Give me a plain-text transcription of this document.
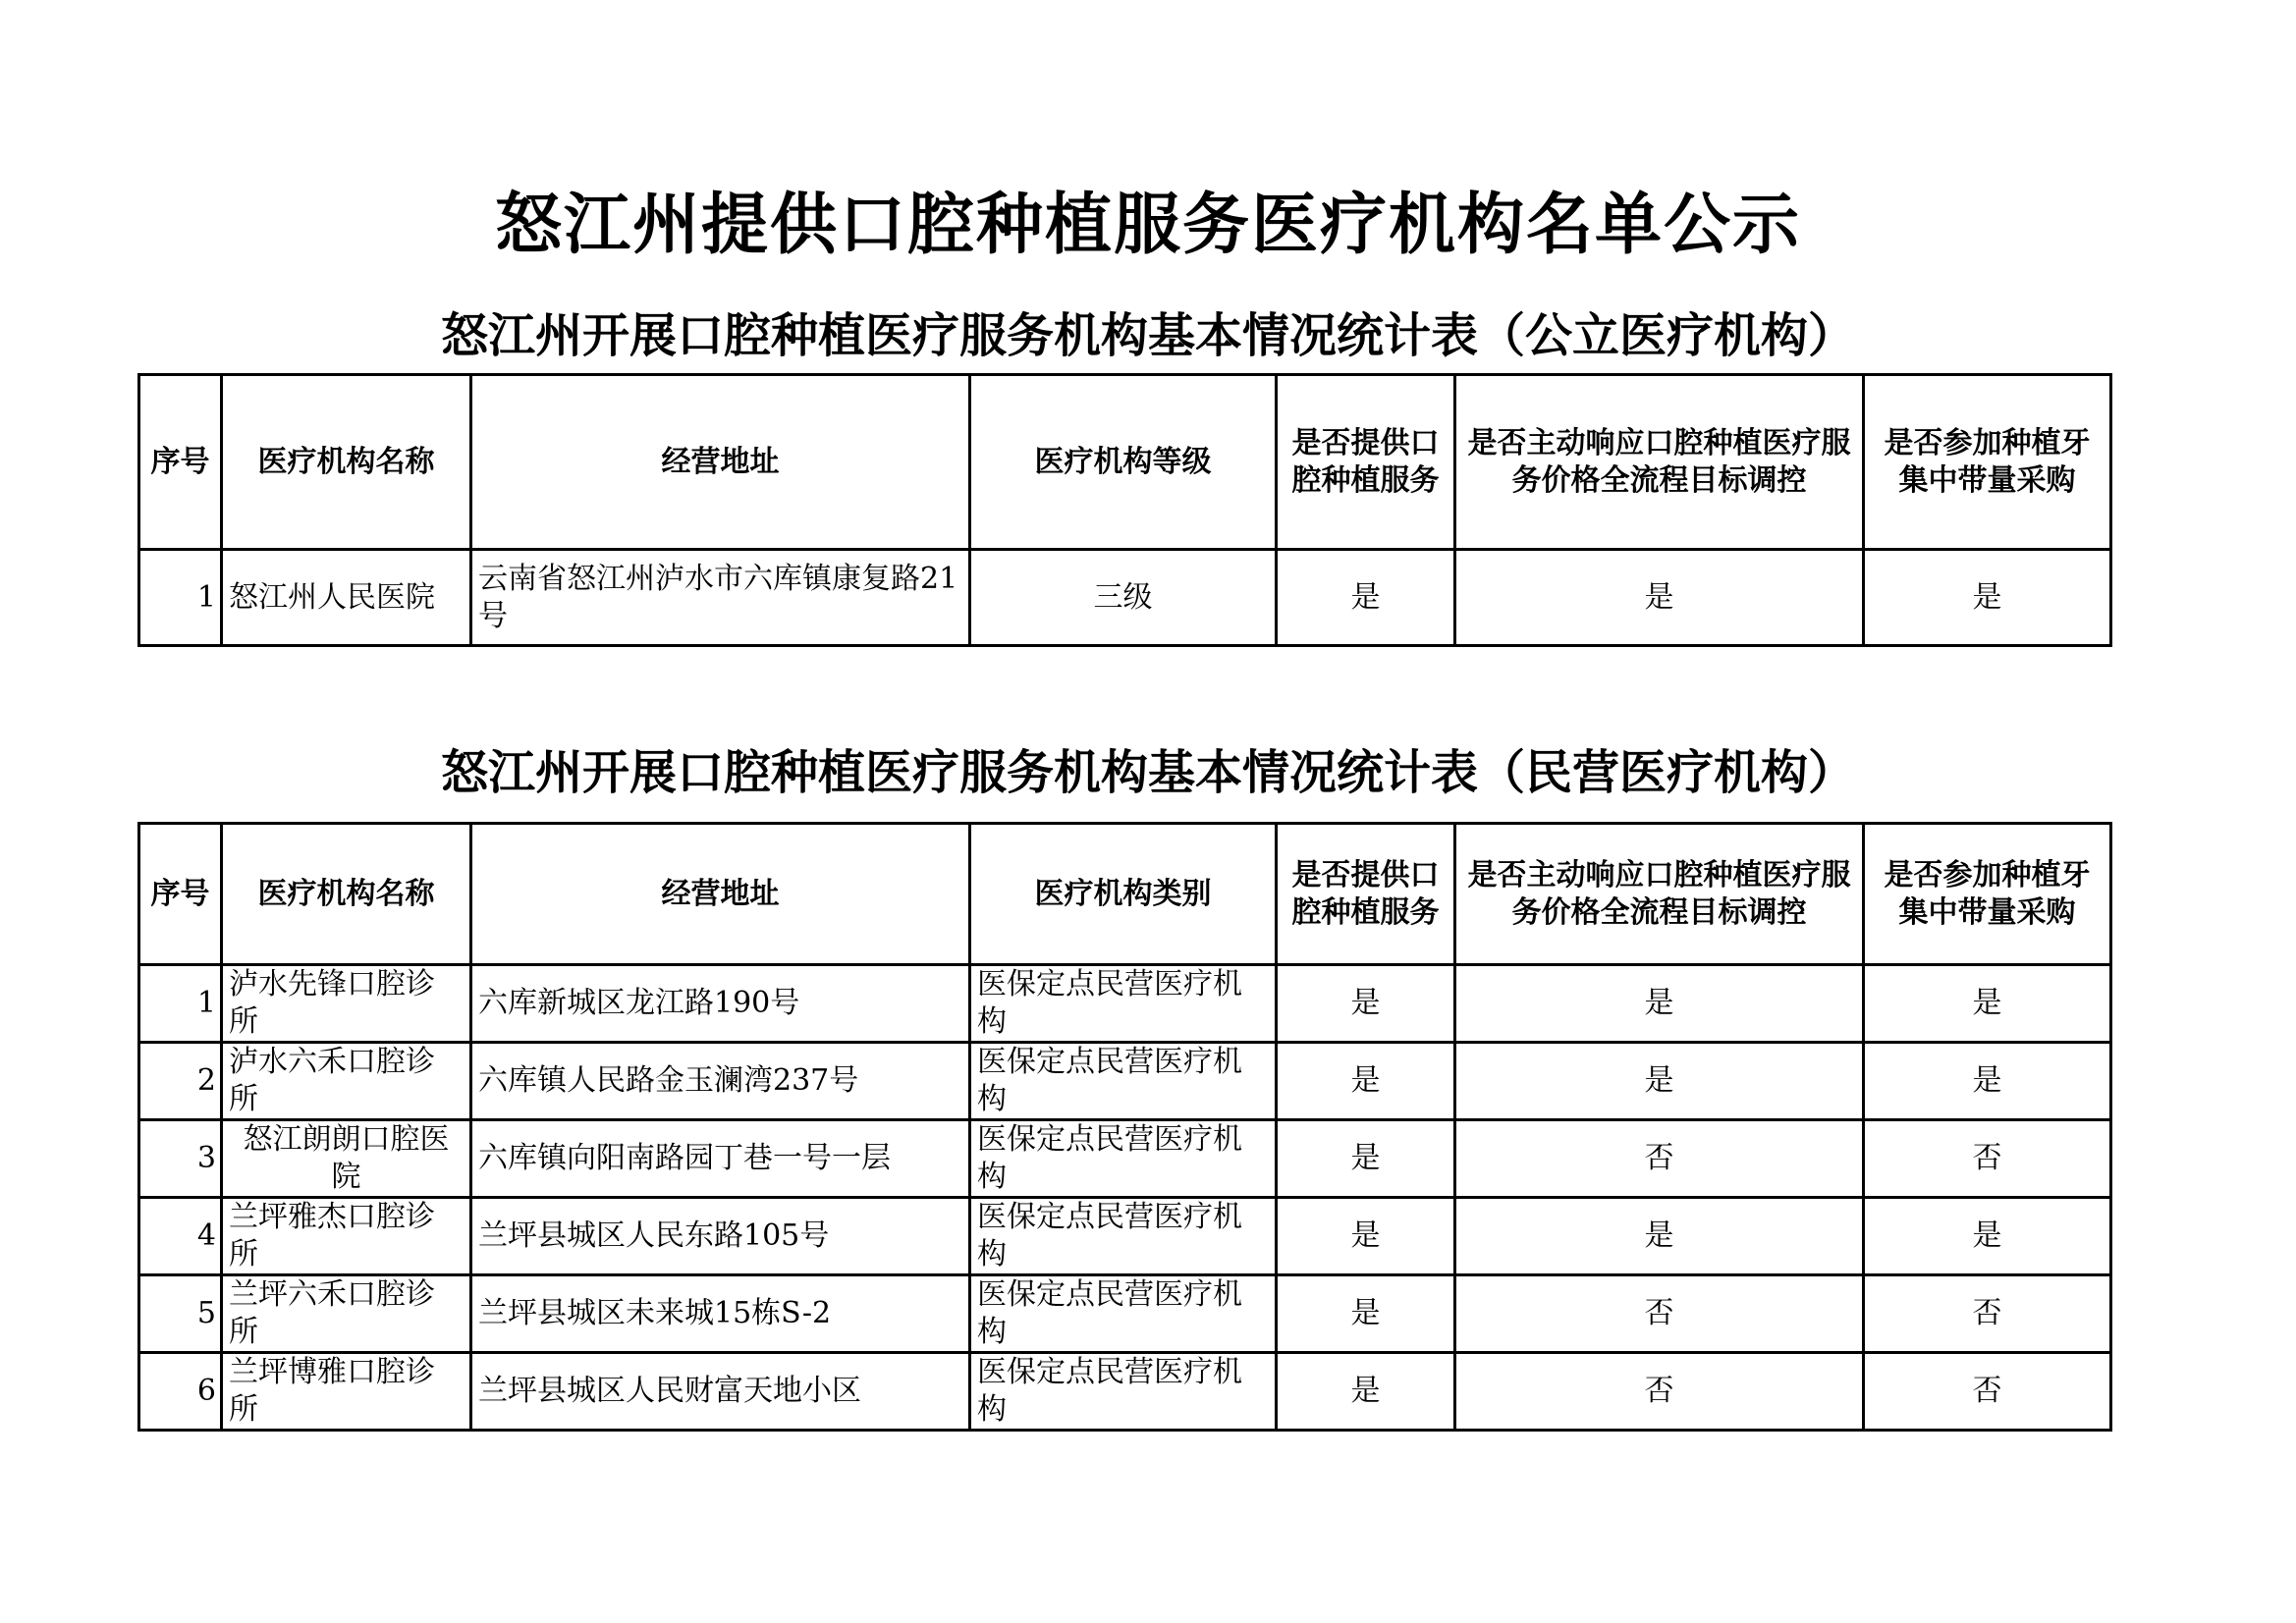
怒江州提供口腔种植服务医疗机构名单公示
怒江州开展口腔种植医疗服务机构基本情况统计表（公立医疗机构）
序号	医疗机构名称	经营地址	医疗机构等级	是否提供口腔种植服务	是否主动响应口腔种植医疗服务价格全流程目标调控	是否参加种植牙集中带量采购
1	怒江州人民医院	云南省怒江州泸水市六库镇康复路21号	三级	是	是	是
怒江州开展口腔种植医疗服务机构基本情况统计表（民营医疗机构）
序号	医疗机构名称	经营地址	医疗机构类别	是否提供口腔种植服务	是否主动响应口腔种植医疗服务价格全流程目标调控	是否参加种植牙集中带量采购
1	泸水先锋口腔诊所	六库新城区龙江路190号	医保定点民营医疗机构	是	是	是
2	泸水六禾口腔诊所	六库镇人民路金玉澜湾237号	医保定点民营医疗机构	是	是	是
3	怒江朗朗口腔医院	六库镇向阳南路园丁巷一号一层	医保定点民营医疗机构	是	否	否
4	兰坪雅杰口腔诊所	兰坪县城区人民东路105号	医保定点民营医疗机构	是	是	是
5	兰坪六禾口腔诊所	兰坪县城区未来城15栋S-2	医保定点民营医疗机构	是	否	否
6	兰坪博雅口腔诊所	兰坪县城区人民财富天地小区	医保定点民营医疗机构	是	否	否
